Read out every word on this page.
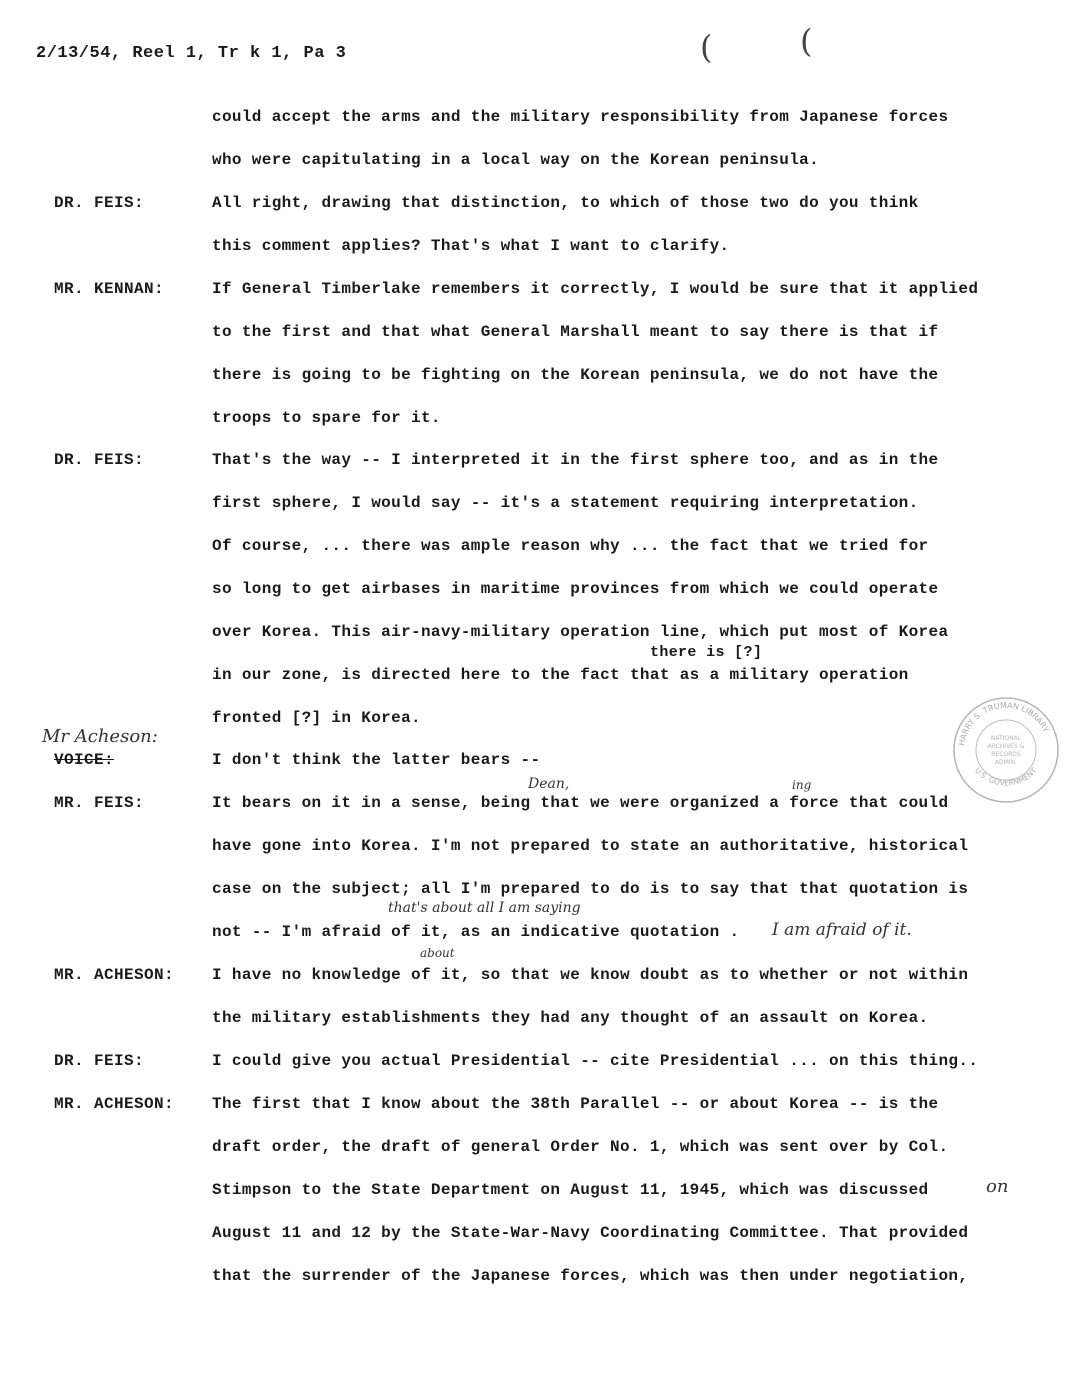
2/13/54, Reel 1, Tr k 1, Pa 3	(	(
could accept the arms and the military responsibility from Japanese forces
who were capitulating in a local way on the Korean peninsula.
DR. FEIS:	All right, drawing that distinction, to which of those two do you think
this comment applies? That's what I want to clarify.
MR. KENNAN:	If General Timberlake remembers it correctly, I would be sure that it applied
to the first and that what General Marshall meant to say there is that if
there is going to be fighting on the Korean peninsula, we do not have the
troops to spare for it.
DR. FEIS:	That's the way -- I interpreted it in the first sphere too, and as in the
first sphere, I would say -- it's a statement requiring interpretation.
Of course, ... there was ample reason why ... the fact that we tried for
so long to get airbases in maritime provinces from which we could operate
over Korea. This air-navy-military operation line, which put most of Korea
in our zone, is directed here to the fact that as a military operation
fronted [?] in Korea.
there is [?]
VOICE:	I don't think the latter bears --
Mr Acheson:
MR. FEIS:	It bears on it in a sense, being that we were organized a force that could
have gone into Korea. I'm not prepared to state an authoritative, historical
case on the subject; all I'm prepared to do is to say that that quotation is
not -- I'm afraid of it, as an indicative quotation .
Dean,	ing
that's about all I am saying
I am afraid of it.
MR. ACHESON: I have no knowledge of it, so that we know doubt as to whether or not within
the military establishments they had any thought of an assault on Korea.
about
DR. FEIS:	I could give you actual Presidential -- cite Presidential ... on this thing..
MR. ACHESON: The first that I know about the 38th Parallel -- or about Korea -- is the
draft order, the draft of general Order No. 1, which was sent over by Col.
Stimpson to the State Department on August 11, 1945, which was discussed
August 11 and 12 by the State-War-Navy Coordinating Committee. That provided
that the surrender of the Japanese forces, which was then under negotiation,
on
HARRY S. TRUMAN LIBRARY
U.S. GOVERNMENT
NATIONAL
ARCHIVES &
RECORDS
ADMIN.
